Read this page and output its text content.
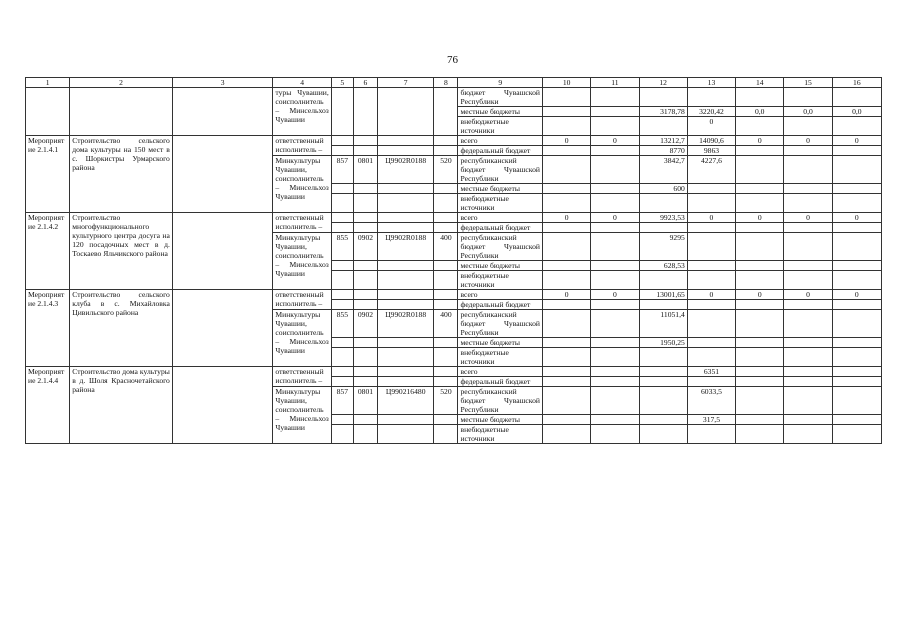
76
1	2	3	4	5	6	7	8	9	10	11	12	13	14	15	16
			туры Чувашии, соисполнитель – Минсельхоз Чувашии					бюджет Чувашской Республики							
								местные бюджеты			3178,78	3220,42	0,0	0,0	0,0
								внебюджетные источники				0			
Мероприятие 2.1.4.1	Строительство сельского дома культуры на 150 мест в с. Шоркистры Урмарского района		ответственный исполнитель –					всего	0	0	13212,7	14090,6	0	0	0
								федеральный бюджет			8770	9863			
			Минкультуры Чувашии, соисполнитель – Минсельхоз Чувашии	857	0801	Ц9902R0188	520	республиканский бюджет Чувашской Республики			3842,7	4227,6			
								местные бюджеты			600				
								внебюджетные источники							
Мероприятие 2.1.4.2	Строительство многофункционального культурного центра досуга на 120 посадочных мест в д. Тоскаево Яльчикского района		ответственный исполнитель –					всего	0	0	9923,53	0	0	0	0
								федеральный бюджет							
			Минкультуры Чувашии, соисполнитель – Минсельхоз Чувашии	855	0902	Ц9902R0188	400	республиканский бюджет Чувашской Республики			9295				
								местные бюджеты			628,53				
								внебюджетные источники							
Мероприятие 2.1.4.3	Строительство сельского клуба в с. Михайловка Цивильского района		ответственный исполнитель –					всего	0	0	13001,65	0	0	0	0
								федеральный бюджет							
			Минкультуры Чувашии, соисполнитель – Минсельхоз Чувашии	855	0902	Ц9902R0188	400	республиканский бюджет Чувашской Республики			11051,4				
								местные бюджеты			1950,25				
								внебюджетные источники							
Мероприятие 2.1.4.4	Строительство дома культуры в д. Шоля Красночетайского района		ответственный исполнитель –					всего				6351			
								федеральный бюджет							
			Минкультуры Чувашии, соисполнитель – Минсельхоз Чувашии	857	0801	Ц990216480	520	республиканский бюджет Чувашской Республики				6033,5			
								местные бюджеты				317,5			
								внебюджетные источники							
